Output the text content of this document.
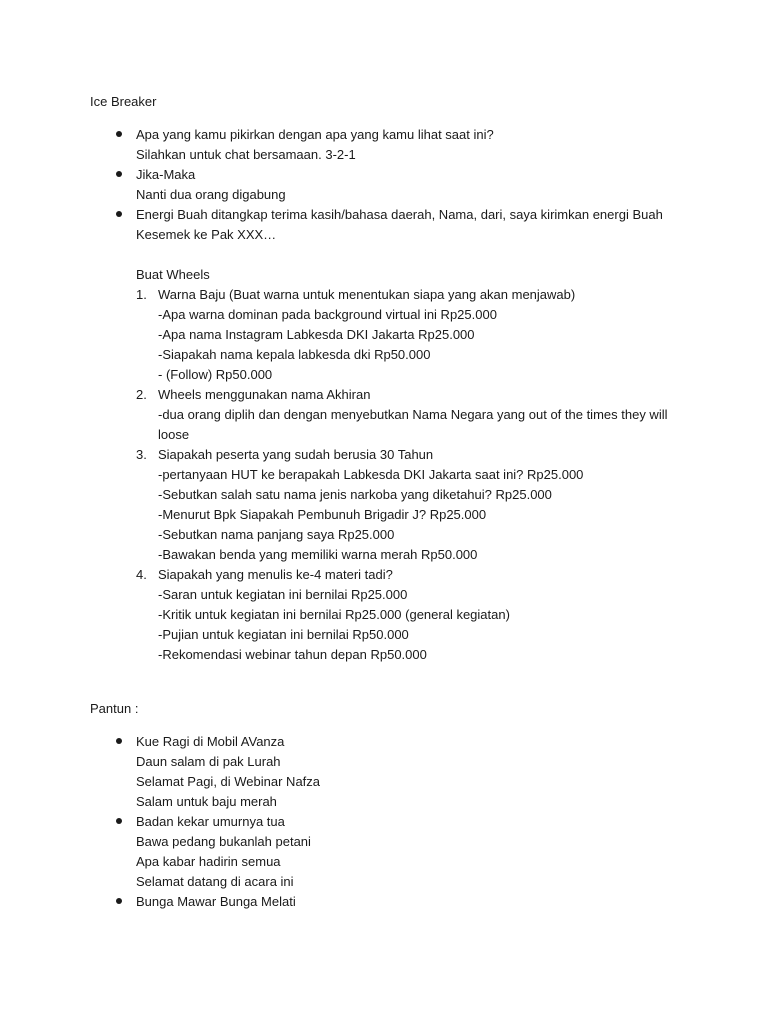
Ice Breaker
Apa yang kamu pikirkan dengan apa yang kamu lihat saat ini?
Silahkan untuk chat bersamaan. 3-2-1
Jika-Maka
Nanti dua orang digabung
Energi Buah ditangkap terima kasih/bahasa daerah, Nama, dari, saya kirimkan energi Buah
Kesemek ke Pak XXX…
Buat Wheels
1. Warna Baju (Buat warna untuk menentukan siapa yang akan menjawab)
-Apa warna dominan pada background virtual ini Rp25.000
-Apa nama Instagram Labkesda DKI Jakarta Rp25.000
-Siapakah nama kepala labkesda dki Rp50.000
- (Follow) Rp50.000
2. Wheels menggunakan nama Akhiran
-dua orang diplih dan dengan menyebutkan Nama Negara yang out of the times they will
loose
3. Siapakah peserta yang sudah berusia 30 Tahun
-pertanyaan HUT ke berapakah Labkesda DKI Jakarta saat ini? Rp25.000
-Sebutkan salah satu nama jenis narkoba yang diketahui? Rp25.000
-Menurut Bpk Siapakah Pembunuh Brigadir J? Rp25.000
-Sebutkan nama panjang saya Rp25.000
-Bawakan benda yang memiliki warna merah Rp50.000
4. Siapakah yang menulis ke-4 materi tadi?
-Saran untuk kegiatan ini bernilai Rp25.000
-Kritik untuk kegiatan ini bernilai Rp25.000 (general kegiatan)
-Pujian untuk kegiatan ini bernilai Rp50.000
-Rekomendasi webinar tahun depan Rp50.000
Pantun :
Kue Ragi di Mobil AVanza
Daun salam di pak Lurah
Selamat Pagi, di Webinar Nafza
Salam untuk baju merah
Badan kekar umurnya tua
Bawa pedang bukanlah petani
Apa kabar hadirin semua
Selamat datang di acara ini
Bunga Mawar Bunga Melati
